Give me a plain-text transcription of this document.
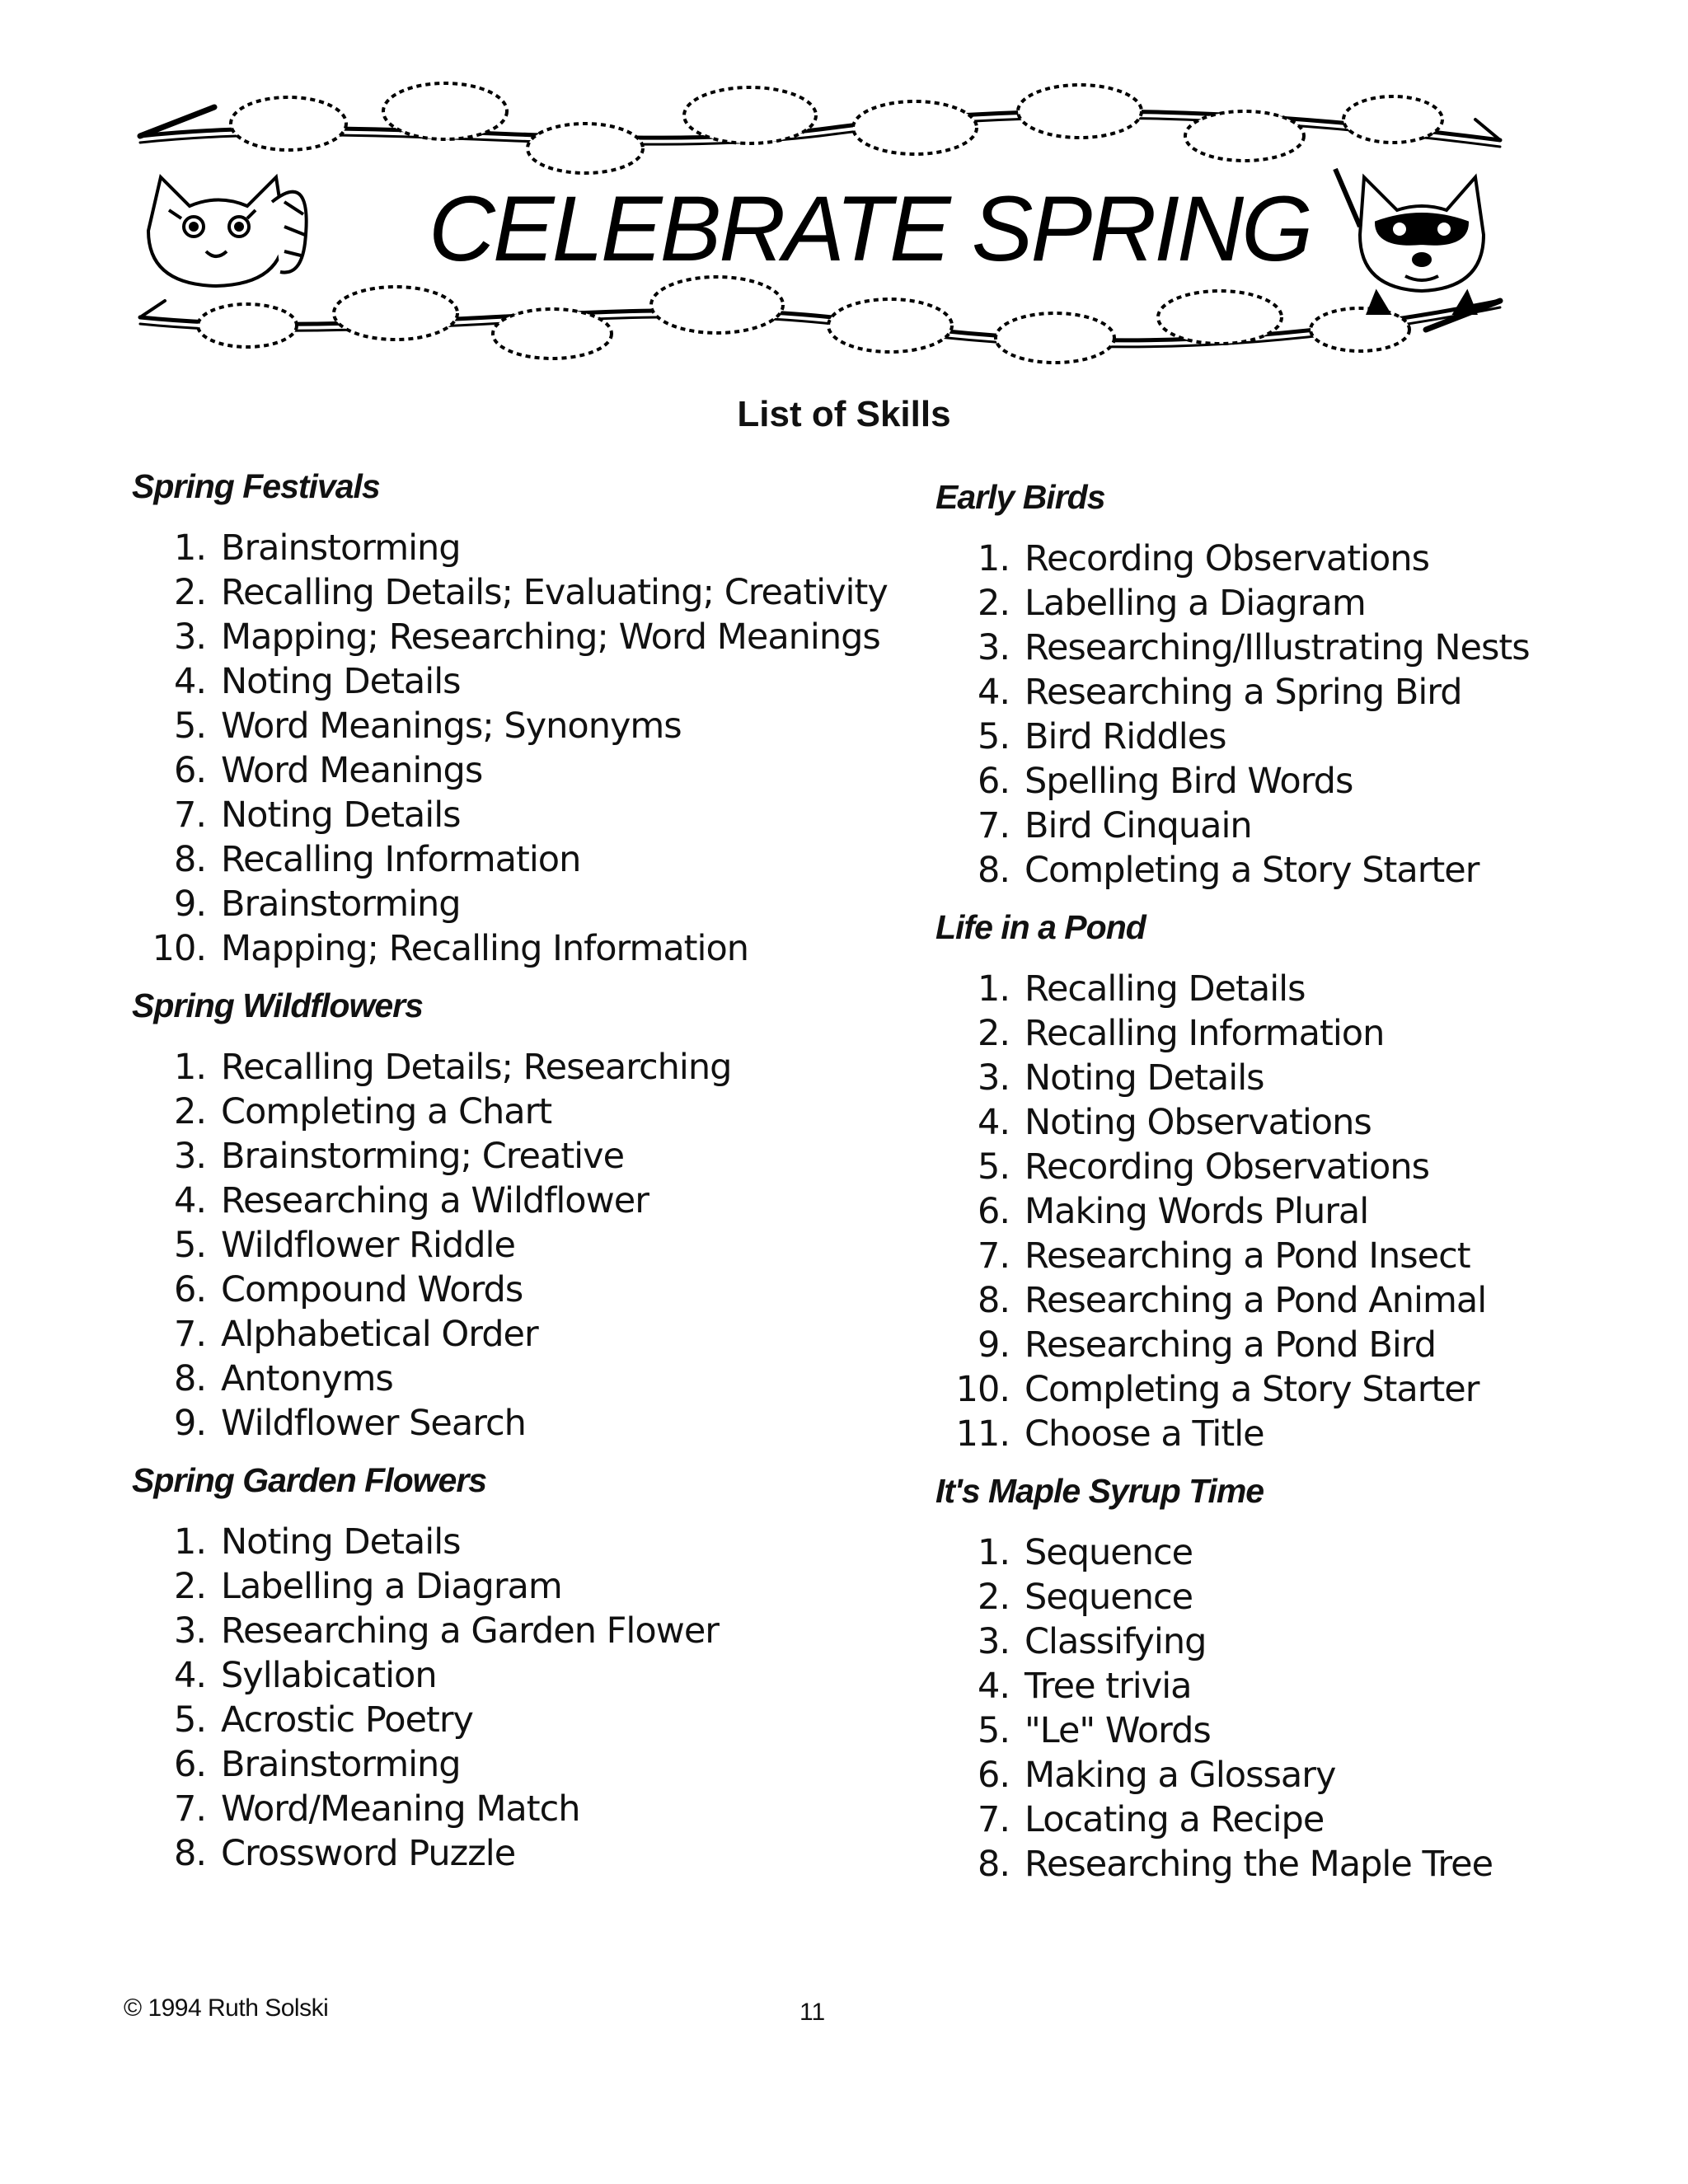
CELEBRATE SPRING
List of Skills
Spring Festivals
1. Brainstorming
2. Recalling Details; Evaluating; Creativity
3. Mapping; Researching; Word Meanings
4. Noting Details
5. Word Meanings; Synonyms
6. Word Meanings
7. Noting Details
8. Recalling Information
9. Brainstorming
10. Mapping; Recalling Information
Spring Wildflowers
1. Recalling Details; Researching
2. Completing a Chart
3. Brainstorming; Creative
4. Researching a Wildflower
5. Wildflower Riddle
6. Compound Words
7. Alphabetical Order
8. Antonyms
9. Wildflower Search
Spring Garden Flowers
1. Noting Details
2. Labelling a Diagram
3. Researching a Garden Flower
4. Syllabication
5. Acrostic Poetry
6. Brainstorming
7. Word/Meaning Match
8. Crossword Puzzle
Early Birds
1. Recording Observations
2. Labelling a Diagram
3. Researching/Illustrating Nests
4. Researching a Spring Bird
5. Bird Riddles
6. Spelling Bird Words
7. Bird Cinquain
8. Completing a Story Starter
Life in a Pond
1. Recalling Details
2. Recalling Information
3. Noting Details
4. Noting Observations
5. Recording Observations
6. Making Words Plural
7. Researching a Pond Insect
8. Researching a Pond Animal
9. Researching a Pond Bird
10. Completing a Story Starter
11. Choose a Title
It's Maple Syrup Time
1. Sequence
2. Sequence
3. Classifying
4. Tree trivia
5. "Le" Words
6. Making a Glossary
7. Locating a Recipe
8. Researching the Maple Tree
© 1994 Ruth Solski	11
